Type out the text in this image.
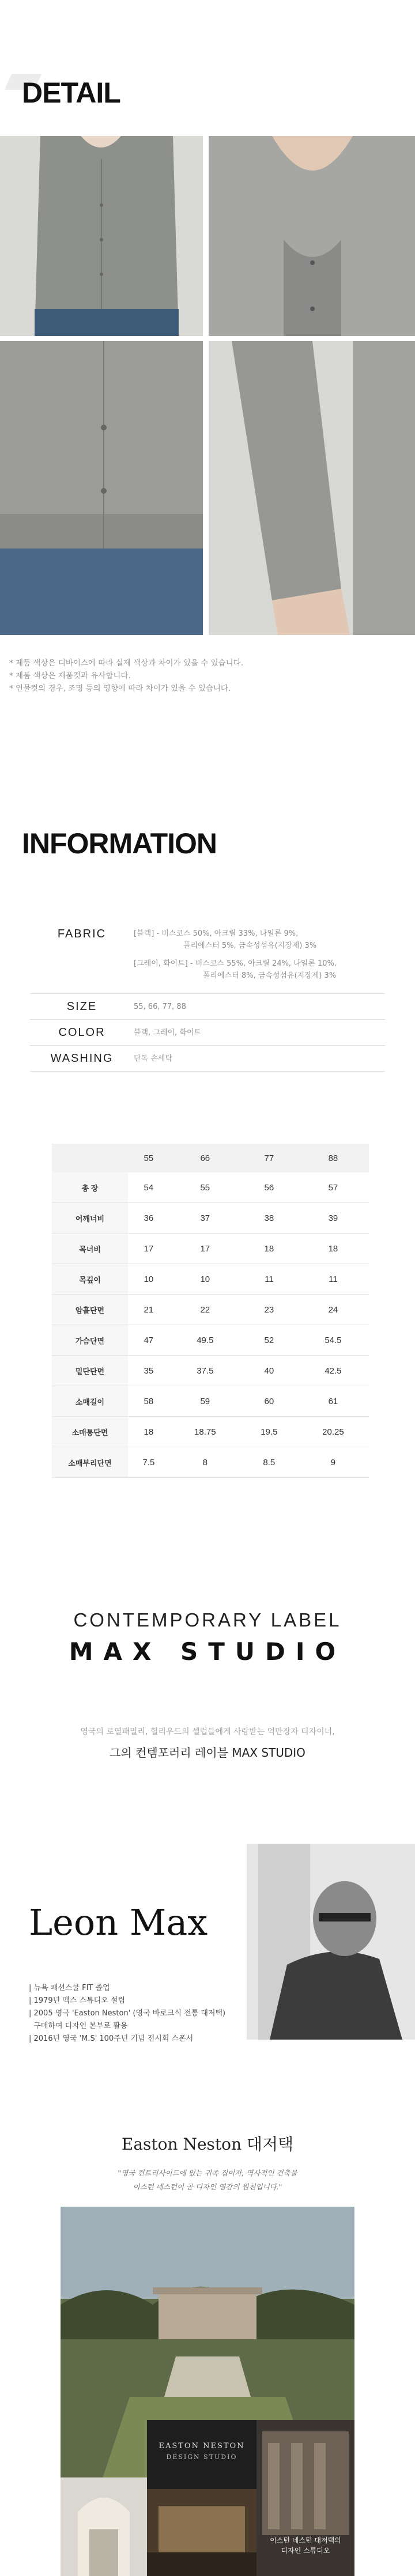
DETAIL
* 제품 색상은 디바이스에 따라 실제 색상과 차이가 있을 수 있습니다.
* 제품 색상은 제품컷과 유사합니다.
* 인물컷의 경우, 조명 등의 영향에 따라 차이가 있을 수 있습니다.
INFORMATION
FABRIC	[블랙] - 비스코스 50%, 아크릴 33%, 나일론 9%,
폴리에스터 5%, 금속성섬유(지장제) 3%
[그레이, 화이트] - 비스코스 55%, 아크릴 24%, 나일론 10%,
폴리에스터 8%, 금속성섬유(지장제) 3%
SIZE	55, 66, 77, 88
COLOR	블랙, 그레이, 화이트
WASHING	단독 손세탁
	55	66	77	88
총 장	54	55	56	57
어깨너비	36	37	38	39
목너비	17	17	18	18
목깊이	10	10	11	11
암홀단면	21	22	23	24
가슴단면	47	49.5	52	54.5
밑단단면	35	37.5	40	42.5
소매길이	58	59	60	61
소매통단면	18	18.75	19.5	20.25
소매부리단면	7.5	8	8.5	9
CONTEMPORARY LABEL
MAX STUDIO
영국의 로열패밀리, 헐리우드의 셀럽들에게 사랑받는 억만장자 디자이너,
그의 컨템포러리 레이블 MAX STUDIO
Leon Max
| 뉴욕 패션스쿨 FIT 졸업
| 1979년 맥스 스튜디오 설립
| 2005 영국 'Easton Neston' (영국 바로크식 전통 대저택)
구매하여 디자인 본부로 활용
| 2016년 영국 'M.S' 100주년 기념 전시회 스폰서
Easton Neston 대저택
"영국 컨트리사이드에 있는 귀족 집이자, 역사적인 건축물
이스턴 네스턴이 곧 디자인 영감의 원천입니다."
EASTON NESTON
DESIGN STUDIO
이스턴 네스턴 대저택의
디자인 스튜디오
